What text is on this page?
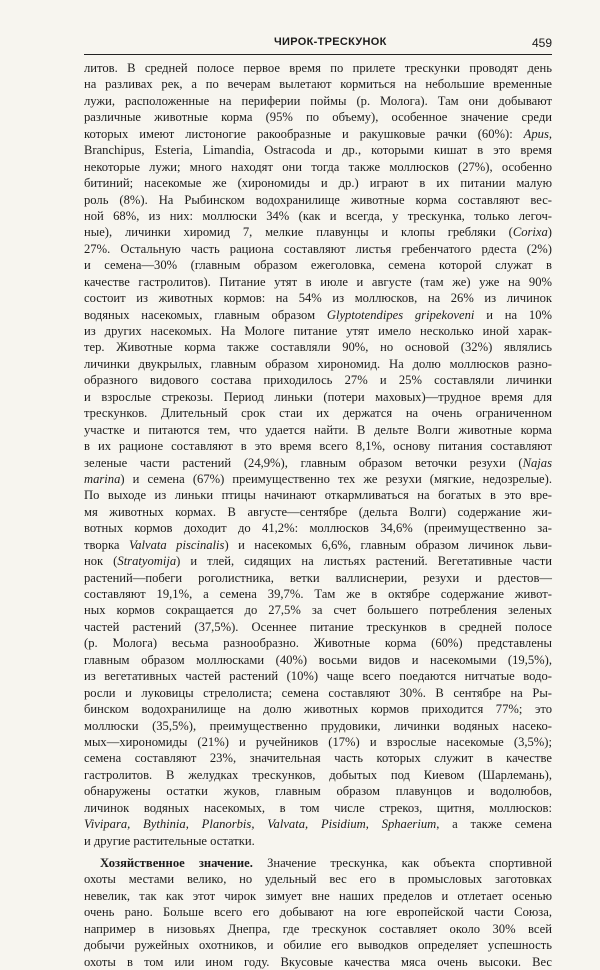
ЧИРОК-ТРЕСКУНОК	459
литов. В средней полосе первое время по прилете трескунки проводят день
на разливах рек, а по вечерам вылетают кормиться на небольшие временные
лужи, расположенные на периферии поймы (р. Молога). Там они добывают
различные животные корма (95% по объему), особенное значение среди
которых имеют листоногие ракообразные и ракушковые рачки (60%): Apus,
Branchipus, Esteria, Limandia, Ostracoda и др., которыми кишат в это время
некоторые лужи; много находят они тогда также моллюсков (27%), особенно
битиний; насекомые же (хирономиды и др.) играют в их питании малую
роль (8%). На Рыбинском водохранилище животные корма составляют вес-
ной 68%, из них: моллюски 34% (как и всегда, у трескунка, только легоч-
ные), личинки хиромид 7, мелкие плавунцы и клопы гребляки (Corixa)
27%. Остальную часть рациона составляют листья гребенчатого рдеста (2%)
и семена—30% (главным образом ежеголовка, семена которой служат в
качестве гастролитов). Питание утят в июле и августе (там же) уже на 90%
состоит из животных кормов: на 54% из моллюсков, на 26% из личинок
водяных насекомых, главным образом Glyptotendipes gripekoveni и на 10%
из других насекомых. На Мологе питание утят имело несколько иной харак-
тер. Животные корма также составляли 90%, но основой (32%) являлись
личинки двукрылых, главным образом хирономид. На долю моллюсков разно-
образного видового состава приходилось 27% и 25% составляли личинки
и взрослые стрекозы. Период линьки (потери маховых)—трудное время для
трескунков. Длительный срок стаи их держатся на очень ограниченном
участке и питаются тем, что удается найти. В дельте Волги животные корма
в их рационе составляют в это время всего 8,1%, основу питания составляют
зеленые части растений (24,9%), главным образом веточки резухи (Najas
marina) и семена (67%) преимущественно тех же резухи (мягкие, недозрелые).
По выходе из линьки птицы начинают откармливаться на богатых в это вре-
мя животных кормах. В августе—сентябре (дельта Волги) содержание жи-
вотных кормов доходит до 41,2%: моллюсков 34,6% (преимущественно за-
творка Valvata piscinalis) и насекомых 6,6%, главным образом личинок льви-
нок (Stratyomija) и тлей, сидящих на листьях растений. Вегетативные части
растений—побеги роголистника, ветки валлиснерии, резухи и рдестов—
составляют 19,1%, а семена 39,7%. Там же в октябре содержание живот-
ных кормов сокращается до 27,5% за счет большего потребления зеленых
частей растений (37,5%). Осеннее питание трескунков в средней полосе
(р. Молога) весьма разнообразно. Животные корма (60%) представлены
главным образом моллюсками (40%) восьми видов и насекомыми (19,5%),
из вегетативных частей растений (10%) чаще всего поедаются нитчатые водо-
росли и луковицы стрелолиста; семена составляют 30%. В сентябре на Ры-
бинском водохранилище на долю животных кормов приходится 77%; это
моллюски (35,5%), преимущественно прудовики, личинки водяных насеко-
мых—хирономиды (21%) и ручейников (17%) и взрослые насекомые (3,5%);
семена составляют 23%, значительная часть которых служит в качестве
гастролитов. В желудках трескунков, добытых под Киевом (Шарлемань),
обнаружены остатки жуков, главным образом плавунцов и водолюбов,
личинок водяных насекомых, в том числе стрекоз, щитня, моллюсков:
Vivipara, Bythinia, Planorbis, Valvata, Pisidium, Sphaerium, а также семена
и другие растительные остатки.
Хозяйственное значение. Значение трескунка, как объекта спортивной
охоты местами велико, но удельный вес его в промысловых заготовках
невелик, так как этот чирок зимует вне наших пределов и отлетает осенью
очень рано. Больше всего его добывают на юге европейской части Союза,
например в низовьях Днепра, где трескунок составляет около 30% всей
добычи ружейных охотников, и обилие его выводков определяет успешность
охоты в том или ином году. Вкусовые качества мяса очень высоки. Вес
